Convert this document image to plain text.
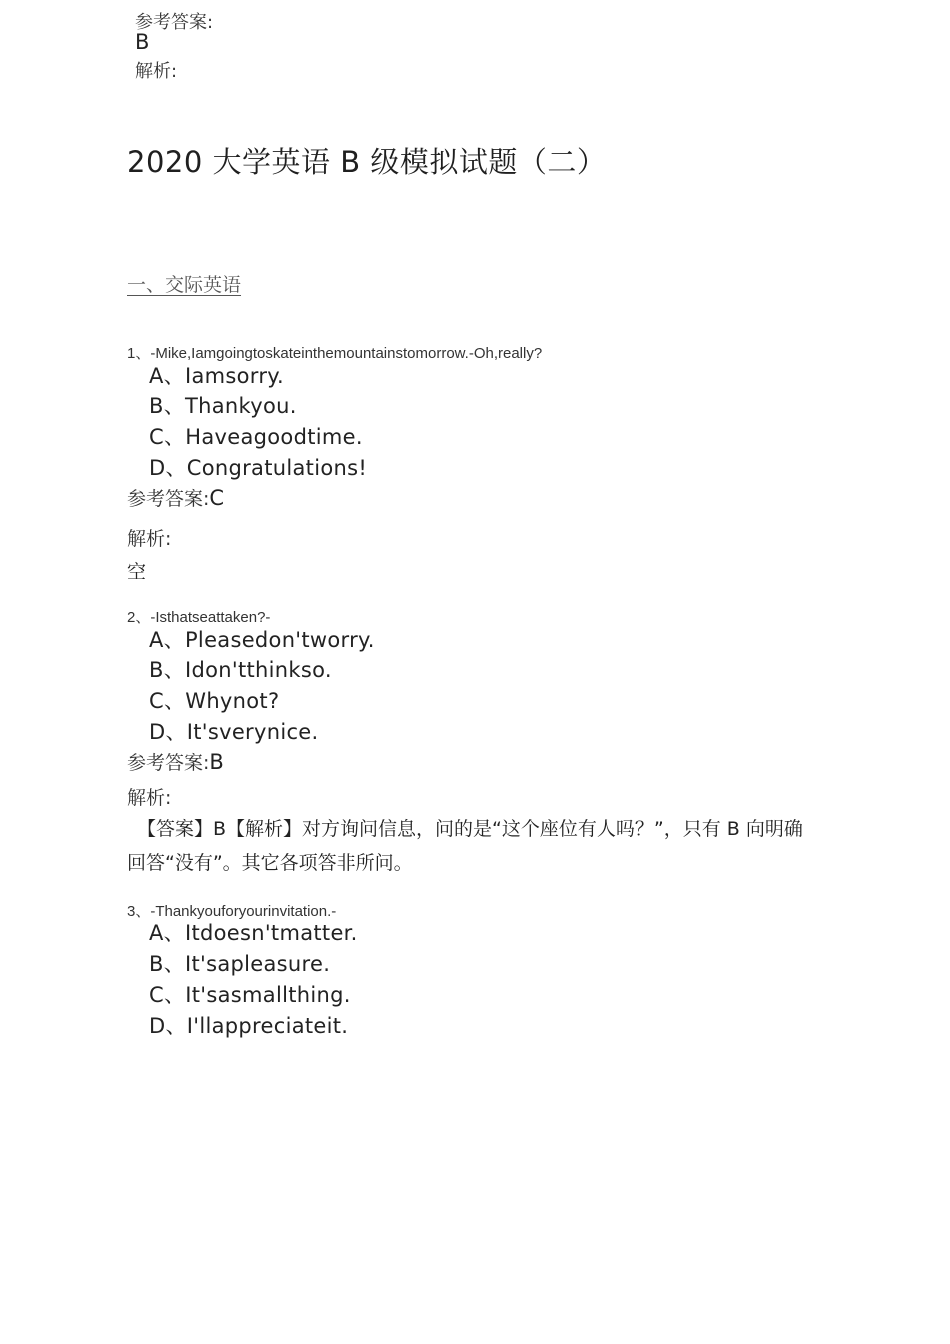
参考答案:
B
解析:
2020 大学英语 B 级模拟试题（二）
一、交际英语
1、-Mike,Iamgoingtoskateinthemountainstomorrow.-Oh,really?
A、Iamsorry.
B、Thankyou.
C、Haveagoodtime.
D、Congratulations!
参考答案:C
解析:
空
2、-Isthatseattaken?-
A、Pleasedon'tworry.
B、Idon'tthinkso.
C、Whynot?
D、It'sverynice.
参考答案:B
解析:
【答案】B【解析】对方询问信息，问的是“这个座位有人吗？”，只有 B 向明确回答“没有”。其它各项答非所问。
3、-Thankyouforyourinvitation.-
A、Itdoesn'tmatter.
B、It'sapleasure.
C、It'sasmallthing.
D、I'llappreciateit.
